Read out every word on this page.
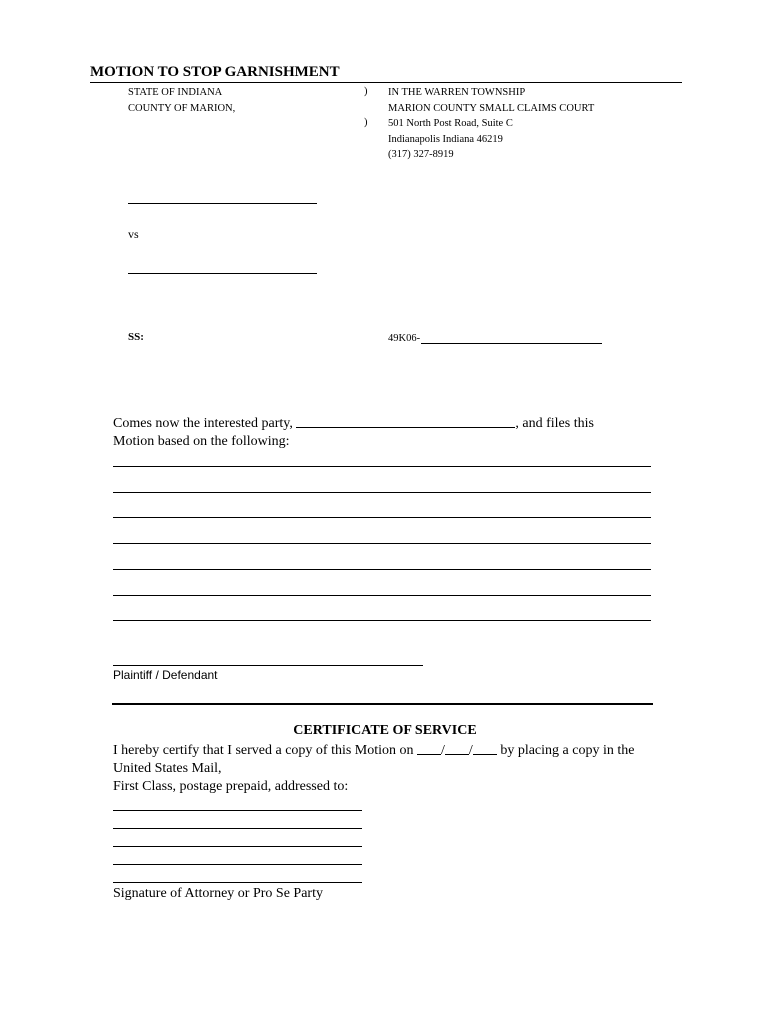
MOTION TO STOP GARNISHMENT
STATE OF INDIANA
COUNTY OF MARION,
)
)
IN THE WARREN TOWNSHIP
MARION COUNTY SMALL CLAIMS COURT
501 North Post Road, Suite C
Indianapolis Indiana 46219
(317) 327-8919
vs
SS:	49K06-
Comes now the interested party,	, and files this
Motion based on the following:
Plaintiff / Defendant
CERTIFICATE OF SERVICE
I hereby certify that I served a copy of this Motion on / / by placing a copy in the
United States Mail,
First Class, postage prepaid, addressed to:
Signature of Attorney or Pro Se Party
